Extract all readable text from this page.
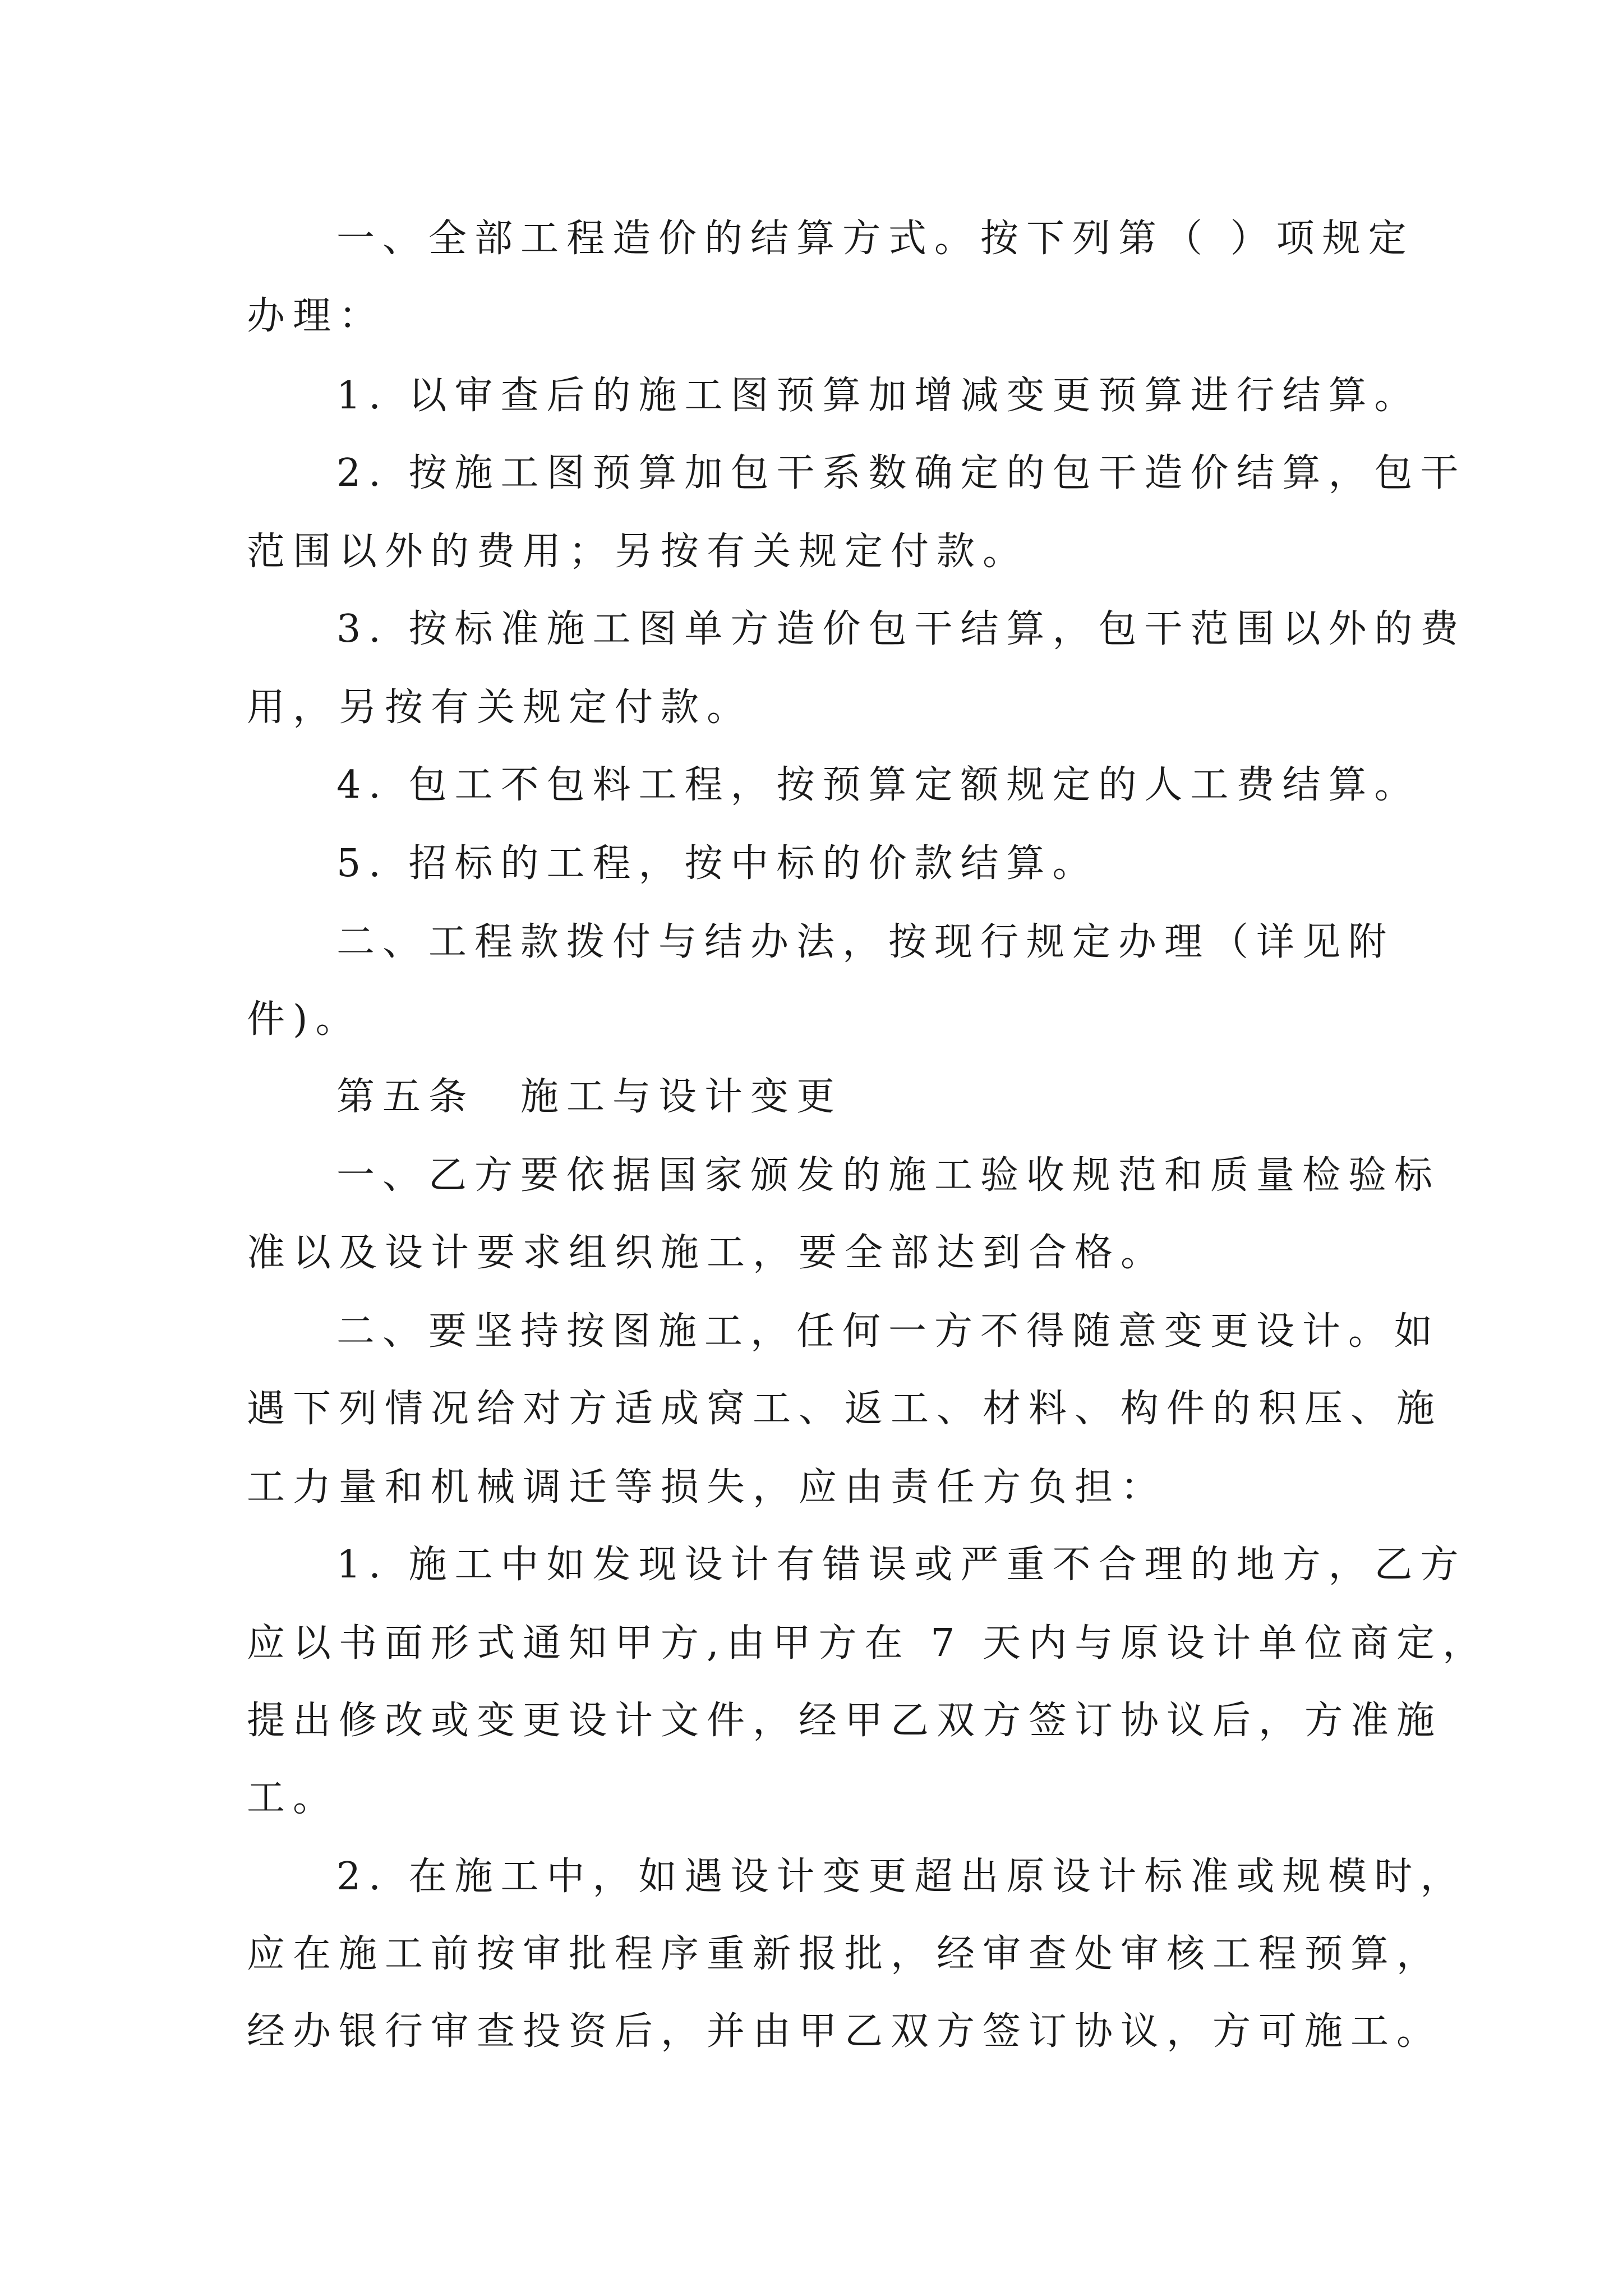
一、全部工程造价的结算方式。按下列第（ ）项规定
办理：
1. 以审查后的施工图预算加增减变更预算进行结算。
2. 按施工图预算加包干系数确定的包干造价结算，包干
范围以外的费用；另按有关规定付款。
3. 按标准施工图单方造价包干结算，包干范围以外的费
用，另按有关规定付款。
4. 包工不包料工程，按预算定额规定的人工费结算。
5. 招标的工程，按中标的价款结算。
二、工程款拨付与结办法，按现行规定办理（详见附
件)。
第五条　施工与设计变更
一、乙方要依据国家颁发的施工验收规范和质量检验标
准以及设计要求组织施工，要全部达到合格。
二、要坚持按图施工，任何一方不得随意变更设计。如
遇下列情况给对方适成窝工、返工、材料、构件的积压、施
工力量和机械调迁等损失，应由责任方负担：
1. 施工中如发现设计有错误或严重不合理的地方，乙方
应以书面形式通知甲方,由甲方在 7 天内与原设计单位商定，
提出修改或变更设计文件，经甲乙双方签订协议后，方准施
工。
2. 在施工中，如遇设计变更超出原设计标准或规模时，
应在施工前按审批程序重新报批，经审查处审核工程预算，
经办银行审查投资后，并由甲乙双方签订协议，方可施工。
